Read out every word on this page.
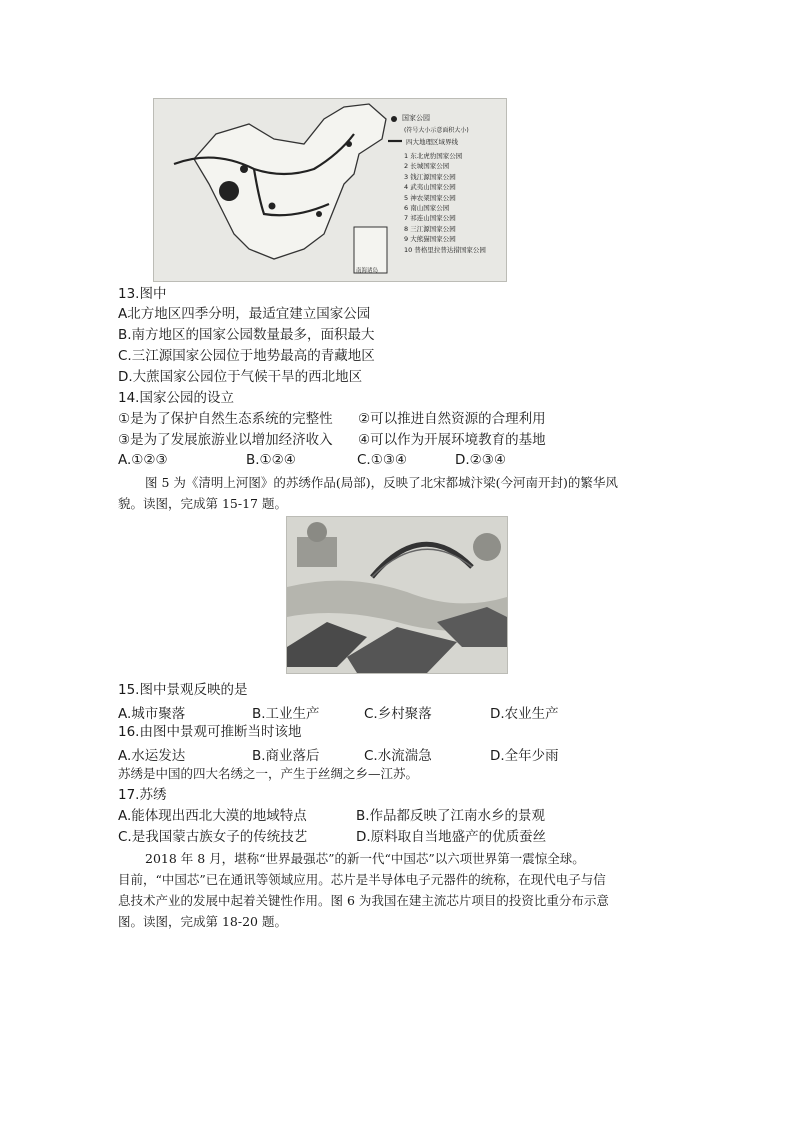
国家公园
(符号大小示意面积大小)
四大地理区域界线
1 东北虎豹国家公园
2 长城国家公园
3 钱江源国家公园
4 武夷山国家公园
5 神农架国家公园
6 南山国家公园
7 祁连山国家公园
8 三江源国家公园
9 大熊猫国家公园
10 普格里拉普达措国家公园
南海诸岛
13.图中
A北方地区四季分明，最适宜建立国家公园
B.南方地区的国家公园数量最多，面积最大
C.三江源国家公园位于地势最高的青藏地区
D.大蔗国家公园位于气候干旱的西北地区
14.国家公园的设立
①是为了保护自然生态系统的完整性 ②可以推进自然资源的合理利用
③是为了发展旅游业以增加经济收入 ④可以作为开展环境教育的基地
A.①②③	B.①②④	C.①③④	D.②③④
图 5 为《清明上河图》的苏绣作品(局部)，反映了北宋都城汴梁(今河南开封)的繁华风
貌。读图，完成第 15-17 题。
15.图中景观反映的是
A.城市聚落	B.工业生产	C.乡村聚落	D.农业生产
16.由图中景观可推断当时该地
A.水运发达	B.商业落后	C.水流湍急	D.全年少雨
苏绣是中国的四大名绣之一，产生于丝绸之乡—江苏。
17.苏绣
A.能体现出西北大漠的地域特点	B.作品都反映了江南水乡的景观
C.是我国蒙古族女子的传统技艺	D.原料取自当地盛产的优质蚕丝
2018 年 8 月，堪称“世界最强芯”的新一代“中国芯”以六项世界第一震惊全球。
目前，“中国芯”已在通讯等领域应用。芯片是半导体电子元器件的统称，在现代电子与信
息技术产业的发展中起着关键性作用。图 6 为我国在建主流芯片项目的投资比重分布示意
图。读图，完成第 18-20 题。
